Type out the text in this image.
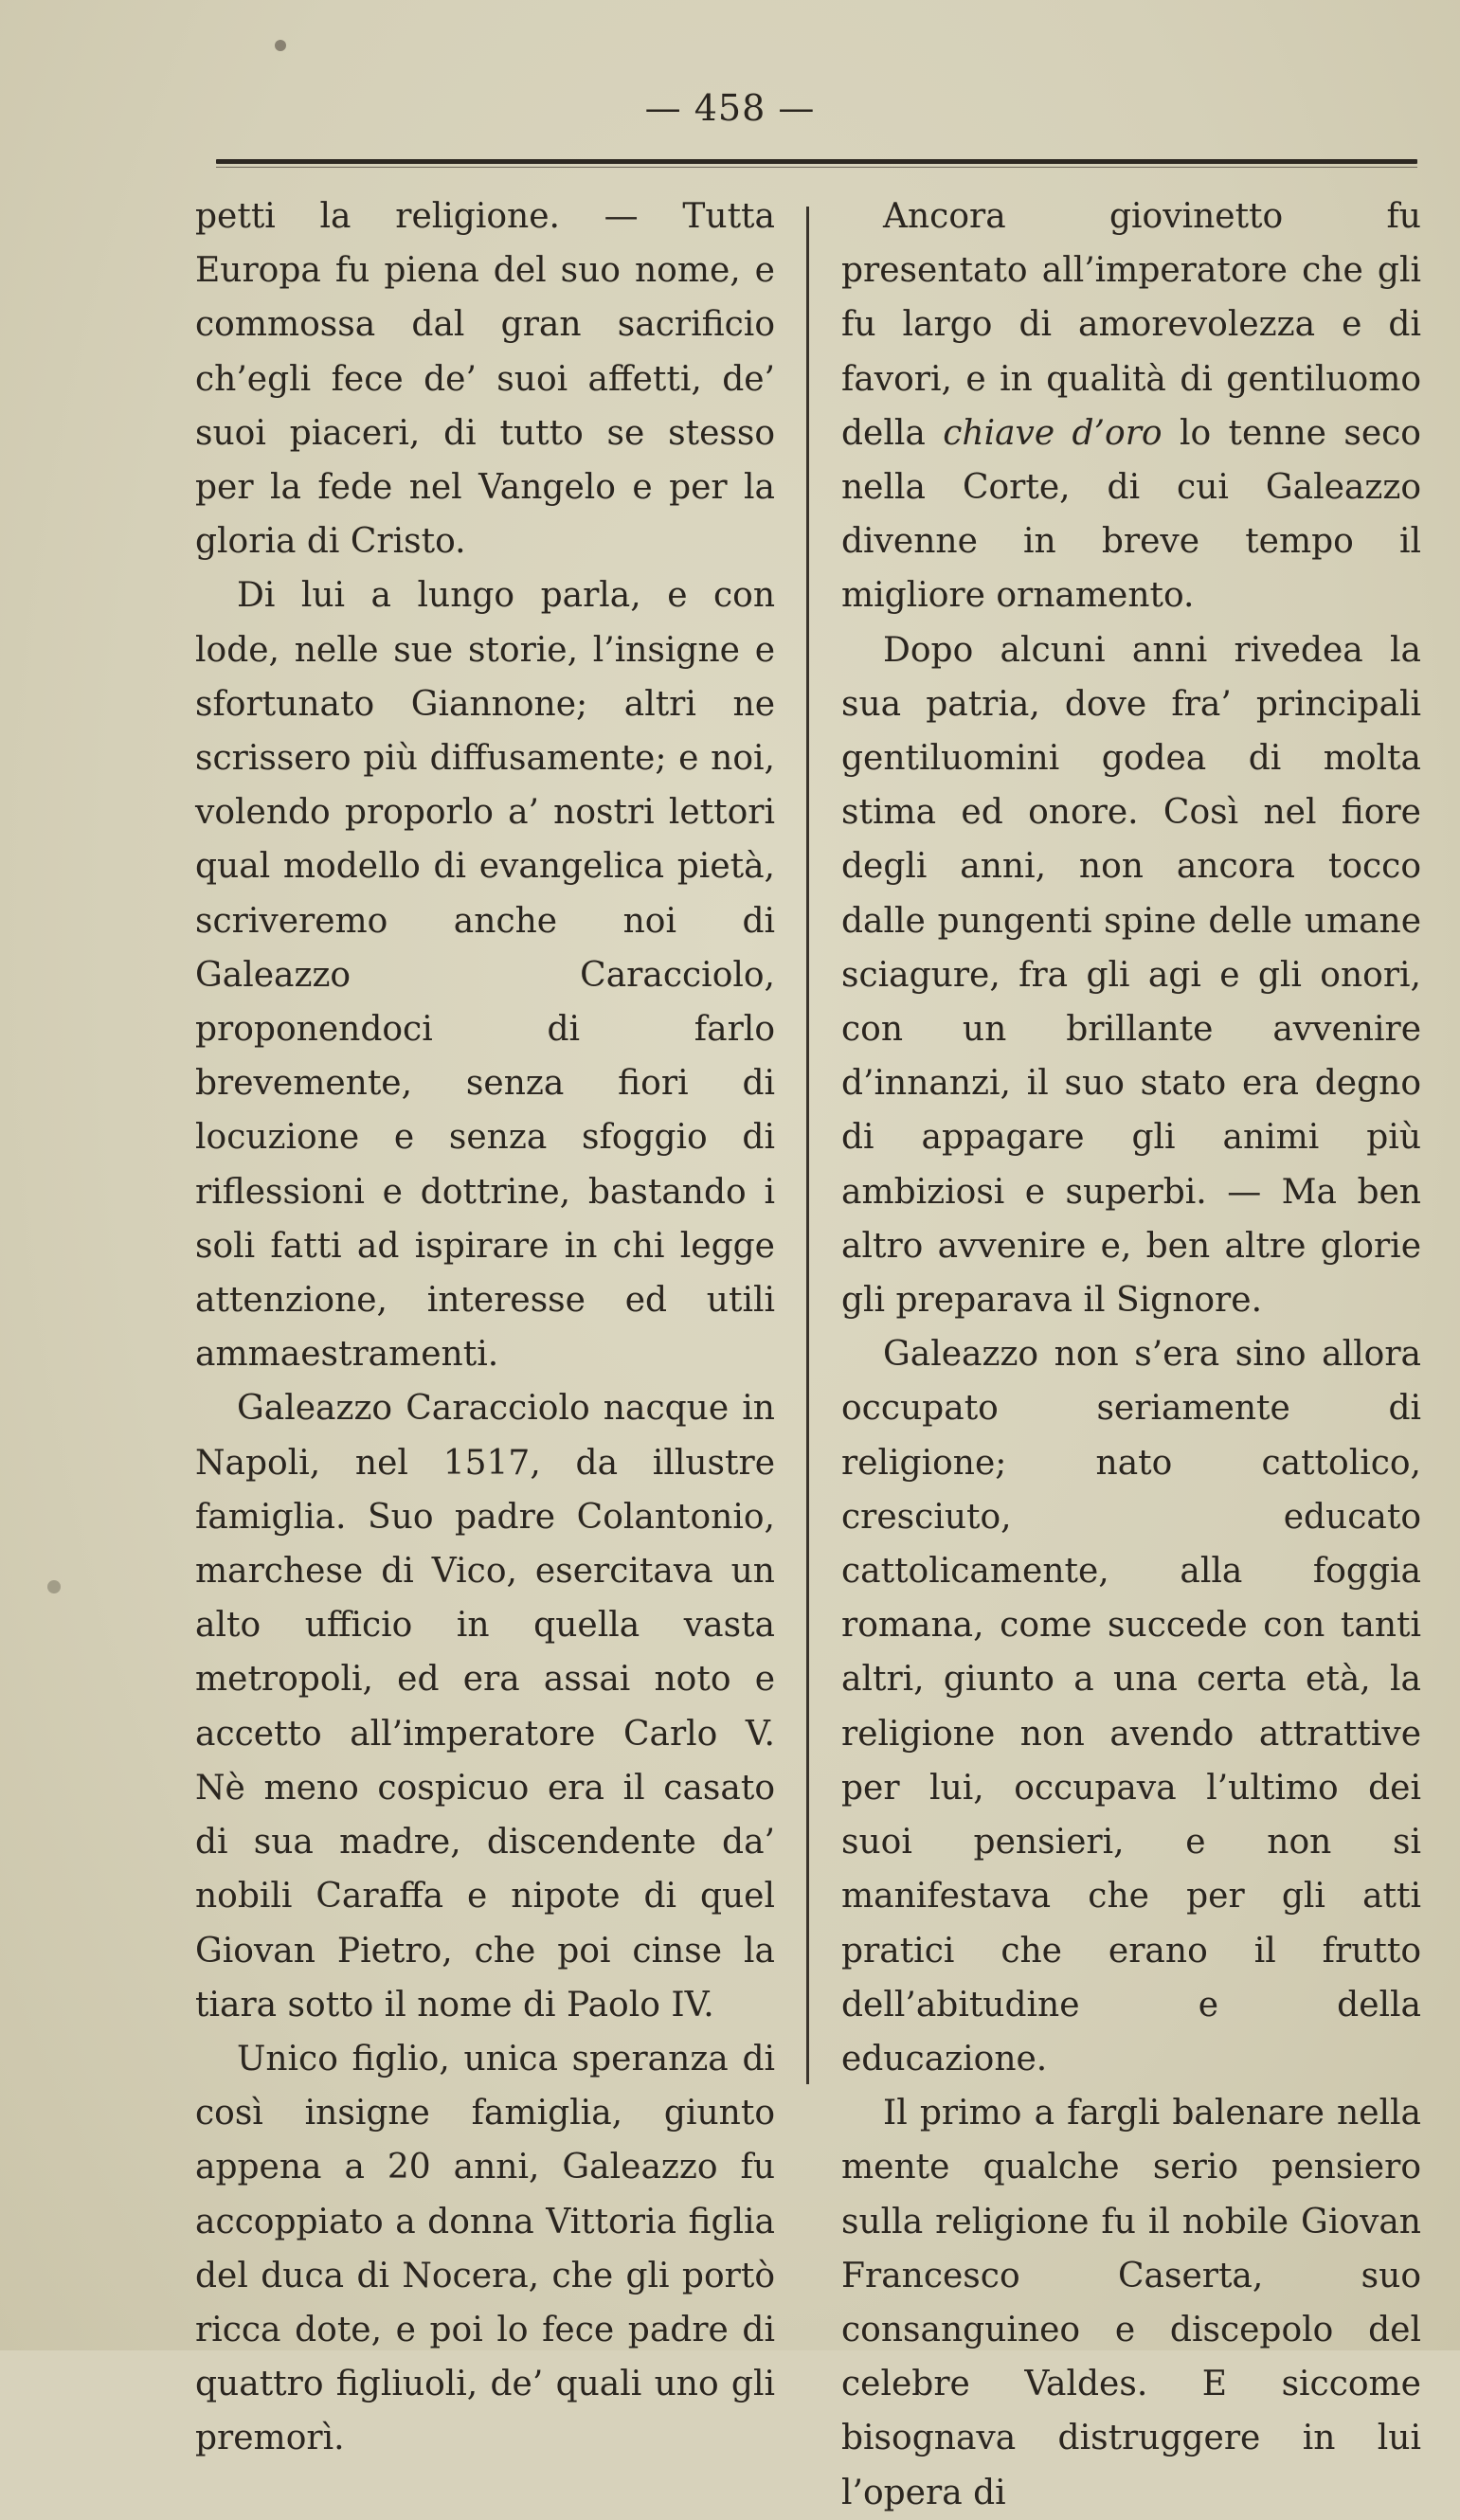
— 458 —

petti la religione. — Tutta Europa fu piena del suo nome, e commossa dal gran sacrificio ch’egli fece de’ suoi affetti, de’ suoi piaceri, di tutto se stesso per la fede nel Vangelo e per la gloria di Cristo.

Di lui a lungo parla, e con lode, nelle sue storie, l’insigne e sfortunato Giannone; altri ne scrissero più diffusamente; e noi, volendo proporlo a’ nostri lettori qual modello di evangelica pietà, scriveremo anche noi di Galeazzo Caracciolo, proponendoci di farlo brevemente, senza fiori di locuzione e senza sfoggio di riflessioni e dottrine, bastando i soli fatti ad ispirare in chi legge attenzione, interesse ed utili ammaestramenti.

Galeazzo Caracciolo nacque in Napoli, nel 1517, da illustre famiglia. Suo padre Colantonio, marchese di Vico, esercitava un alto ufficio in quella vasta metropoli, ed era assai noto e accetto all’imperatore Carlo V. Nè meno cospicuo era il casato di sua madre, discendente da’ nobili Caraffa e nipote di quel Giovan Pietro, che poi cinse la tiara sotto il nome di Paolo IV.

Unico figlio, unica speranza di così insigne famiglia, giunto appena a 20 anni, Galeazzo fu accoppiato a donna Vittoria figlia del duca di Nocera, che gli portò ricca dote, e poi lo fece padre di quattro figliuoli, de’ quali uno gli premorì.

Ancora giovinetto fu presentato all’imperatore che gli fu largo di amorevolezza e di favori, e in qualità di gentiluomo della chiave d’oro lo tenne seco nella Corte, di cui Galeazzo divenne in breve tempo il migliore ornamento.

Dopo alcuni anni rivedea la sua patria, dove fra’ principali gentiluomini godea di molta stima ed onore. Così nel fiore degli anni, non ancora tocco dalle pungenti spine delle umane sciagure, fra gli agi e gli onori, con un brillante avvenire d’innanzi, il suo stato era degno di appagare gli animi più ambiziosi e superbi. — Ma ben altro avvenire e, ben altre glorie gli preparava il Signore.

Galeazzo non s’era sino allora occupato seriamente di religione; nato cattolico, cresciuto, educato cattolicamente, alla foggia romana, come succede con tanti altri, giunto a una certa età, la religione non avendo attrattive per lui, occupava l’ultimo dei suoi pensieri, e non si manifestava che per gli atti pratici che erano il frutto dell’abitudine e della educazione.

Il primo a fargli balenare nella mente qualche serio pensiero sulla religione fu il nobile Giovan Francesco Caserta, suo consanguineo e discepolo del celebre Valdes. E siccome bisognava distruggere in lui l’opera di
